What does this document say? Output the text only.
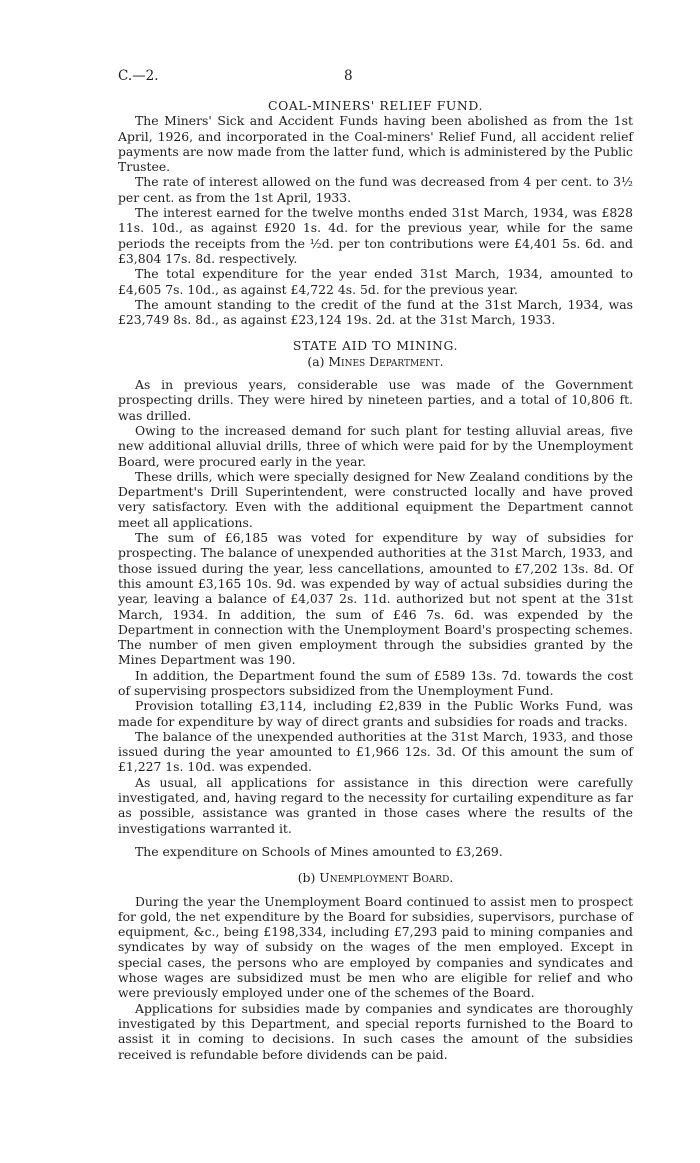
C.—2.	8
COAL-MINERS' RELIEF FUND.

The Miners' Sick and Accident Funds having been abolished as from the 1st April, 1926, and incorporated in the Coal-miners' Relief Fund, all accident relief payments are now made from the latter fund, which is administered by the Public Trustee.

The rate of interest allowed on the fund was decreased from 4 per cent. to 3½ per cent. as from the 1st April, 1933.

The interest earned for the twelve months ended 31st March, 1934, was £828 11s. 10d., as against £920 1s. 4d. for the previous year, while for the same periods the receipts from the ½d. per ton contributions were £4,401 5s. 6d. and £3,804 17s. 8d. respectively.

The total expenditure for the year ended 31st March, 1934, amounted to £4,605 7s. 10d., as against £4,722 4s. 5d. for the previous year.

The amount standing to the credit of the fund at the 31st March, 1934, was £23,749 8s. 8d., as against £23,124 19s. 2d. at the 31st March, 1933.

STATE AID TO MINING.
(a) Mines Department.

As in previous years, considerable use was made of the Government prospecting drills. They were hired by nineteen parties, and a total of 10,806 ft. was drilled.

Owing to the increased demand for such plant for testing alluvial areas, five new additional alluvial drills, three of which were paid for by the Unemployment Board, were procured early in the year.

These drills, which were specially designed for New Zealand conditions by the Department's Drill Superintendent, were constructed locally and have proved very satisfactory. Even with the additional equipment the Department cannot meet all applications.

The sum of £6,185 was voted for expenditure by way of subsidies for prospecting. The balance of unexpended authorities at the 31st March, 1933, and those issued during the year, less cancellations, amounted to £7,202 13s. 8d. Of this amount £3,165 10s. 9d. was expended by way of actual subsidies during the year, leaving a balance of £4,037 2s. 11d. authorized but not spent at the 31st March, 1934. In addition, the sum of £46 7s. 6d. was expended by the Department in connection with the Unemployment Board's prospecting schemes. The number of men given employment through the subsidies granted by the Mines Department was 190.

In addition, the Department found the sum of £589 13s. 7d. towards the cost of supervising prospectors subsidized from the Unemployment Fund.

Provision totalling £3,114, including £2,839 in the Public Works Fund, was made for expenditure by way of direct grants and subsidies for roads and tracks.

The balance of the unexpended authorities at the 31st March, 1933, and those issued during the year amounted to £1,966 12s. 3d. Of this amount the sum of £1,227 1s. 10d. was expended.

As usual, all applications for assistance in this direction were carefully investigated, and, having regard to the necessity for curtailing expenditure as far as possible, assistance was granted in those cases where the results of the investigations warranted it.

The expenditure on Schools of Mines amounted to £3,269.

(b) Unemployment Board.

During the year the Unemployment Board continued to assist men to prospect for gold, the net expenditure by the Board for subsidies, supervisors, purchase of equipment, &c., being £198,334, including £7,293 paid to mining companies and syndicates by way of subsidy on the wages of the men employed. Except in special cases, the persons who are employed by companies and syndicates and whose wages are subsidized must be men who are eligible for relief and who were previously employed under one of the schemes of the Board.

Applications for subsidies made by companies and syndicates are thoroughly investigated by this Department, and special reports furnished to the Board to assist it in coming to decisions. In such cases the amount of the subsidies received is refundable before dividends can be paid.
